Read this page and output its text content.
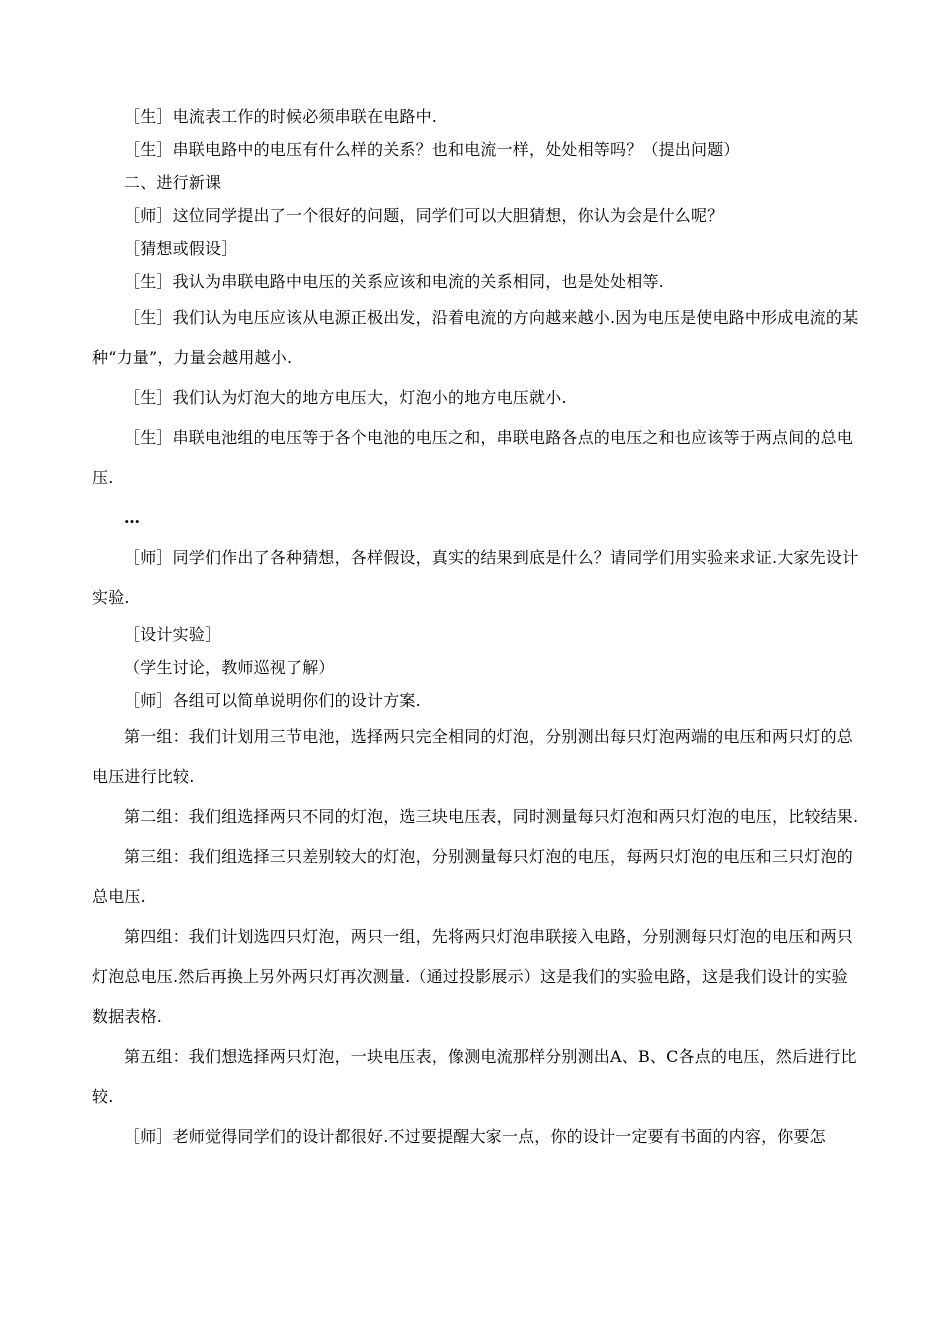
［生］电流表工作的时候必须串联在电路中.

［生］串联电路中的电压有什么样的关系？也和电流一样，处处相等吗？（提出问题）

二、进行新课

［师］这位同学提出了一个很好的问题，同学们可以大胆猜想，你认为会是什么呢？

［猜想或假设］

［生］我认为串联电路中电压的关系应该和电流的关系相同，也是处处相等.

［生］我们认为电压应该从电源正极出发，沿着电流的方向越来越小.因为电压是使电路中形成电流的某种“力量”，力量会越用越小.

［生］我们认为灯泡大的地方电压大，灯泡小的地方电压就小.

［生］串联电池组的电压等于各个电池的电压之和，串联电路各点的电压之和也应该等于两点间的总电压.

…

［师］同学们作出了各种猜想，各样假设，真实的结果到底是什么？请同学们用实验来求证.大家先设计实验.

［设计实验］

（学生讨论，教师巡视了解）

［师］各组可以简单说明你们的设计方案.

第一组：我们计划用三节电池，选择两只完全相同的灯泡，分别测出每只灯泡两端的电压和两只灯的总电压进行比较.

第二组：我们组选择两只不同的灯泡，选三块电压表，同时测量每只灯泡和两只灯泡的电压，比较结果.

第三组：我们组选择三只差别较大的灯泡，分别测量每只灯泡的电压，每两只灯泡的电压和三只灯泡的总电压.

第四组：我们计划选四只灯泡，两只一组，先将两只灯泡串联接入电路，分别测每只灯泡的电压和两只灯泡总电压.然后再换上另外两只灯再次测量.（通过投影展示）这是我们的实验电路，这是我们设计的实验数据表格.

第五组：我们想选择两只灯泡，一块电压表，像测电流那样分别测出A、B、C各点的电压，然后进行比较.

［师］老师觉得同学们的设计都很好.不过要提醒大家一点，你的设计一定要有书面的内容，你要怎
